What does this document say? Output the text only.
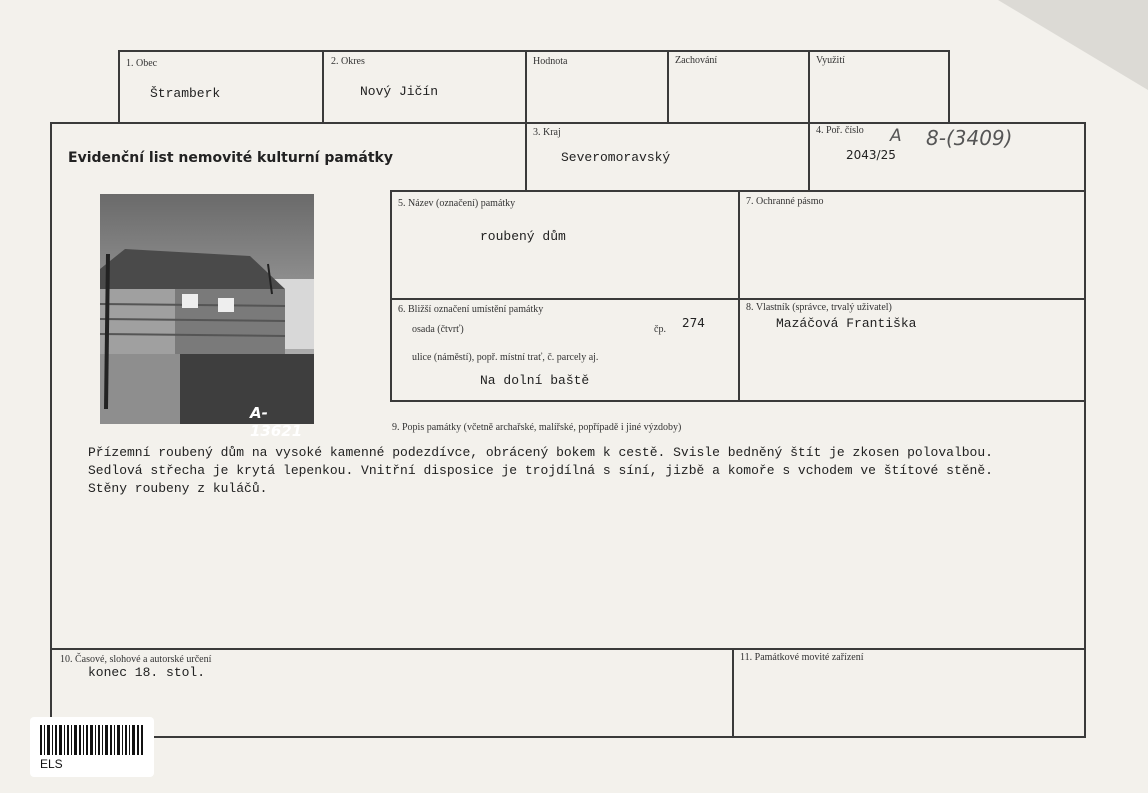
1. Obec
Štramberk
2. Okres
Nový Jičín
Hodnota	Zachování	Využití
3. Kraj
Severomoravský
4. Poř. číslo
2043/25
A 8-(3409)
Evidenční list nemovité kulturní památky
A-13621
5. Název (označení) památky
roubený dům
7. Ochranné pásmo
6. Bližší označení umístění památky
osada (čtvrť)	čp. 274
ulice (náměstí), popř. místní trať, č. parcely aj.
Na dolní baště
8. Vlastník (správce, trvalý uživatel)
Mazáčová Františka
9. Popis památky (včetně archařské, malířské, popřípadě i jiné výzdoby)
Přízemní roubený dům na vysoké kamenné podezdívce, obrácený bokem k cestě. Svisle bedněný štít je zkosen polovalbou.
Sedlová střecha je krytá lepenkou. Vnitřní disposice je trojdílná s síní, jizbě a komoře s vchodem ve štítové stěně.
Stěny roubeny z kuláčů.
10. Časové, slohové a autorské určení
konec 18. stol.
11. Památkové movité zařízení
ELS
